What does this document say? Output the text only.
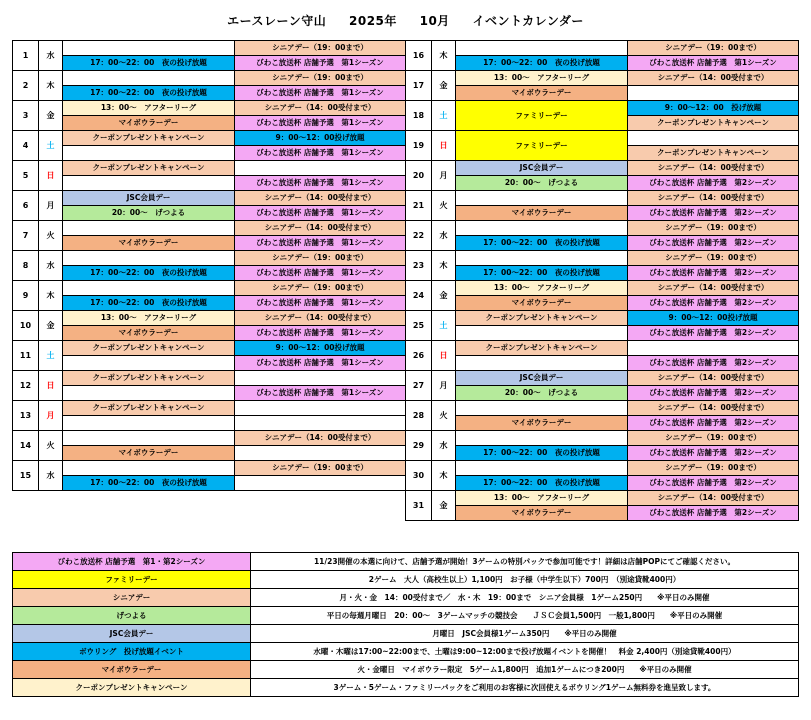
エースレーン守山 2025年 10月 イベントカレンダー
1	水		シニアデー（19：00まで）
		17：00～22：00　夜の投げ放題	びわこ放送杯 店舗予選　第1シーズン
2	木		シニアデー（19：00まで）
		17：00～22：00　夜の投げ放題	びわこ放送杯 店舗予選　第1シーズン
3	金	13：00～　アフターリーグ	シニアデー（14：00受付まで）
		マイボウラーデー	びわこ放送杯 店舗予選　第1シーズン
4	土	クーポンプレゼントキャンペーン	9：00～12：00投げ放題
			びわこ放送杯 店舗予選　第1シーズン
5	日	クーポンプレゼントキャンペーン	
			びわこ放送杯 店舗予選　第1シーズン
6	月	JSC会員デー	シニアデー（14：00受付まで）
		20：00～　げつよる	びわこ放送杯 店舗予選　第1シーズン
7	火		シニアデー（14：00受付まで）
		マイボウラーデー	びわこ放送杯 店舗予選　第1シーズン
8	水		シニアデー（19：00まで）
		17：00～22：00　夜の投げ放題	びわこ放送杯 店舗予選　第1シーズン
9	木		シニアデー（19：00まで）
		17：00～22：00　夜の投げ放題	びわこ放送杯 店舗予選　第1シーズン
10	金	13：00～　アフターリーグ	シニアデー（14：00受付まで）
		マイボウラーデー	びわこ放送杯 店舗予選　第1シーズン
11	土	クーポンプレゼントキャンペーン	9：00～12：00投げ放題
			びわこ放送杯 店舗予選　第1シーズン
12	日	クーポンプレゼントキャンペーン	
			びわこ放送杯 店舗予選　第1シーズン
13	月	クーポンプレゼントキャンペーン	

14	火		シニアデー（14：00受付まで）
		マイボウラーデー	
15	水		シニアデー（19：00まで）
		17：00～22：00　夜の投げ放題	
16	木		シニアデー（19：00まで）
		17：00～22：00　夜の投げ放題	びわこ放送杯 店舗予選　第1シーズン
17	金	13：00～　アフターリーグ	シニアデー（14：00受付まで）
		マイボウラーデー	
18	土	ファミリーデー	9：00～12：00　投げ放題
			クーポンプレゼントキャンペーン
19	日	ファミリーデー	
			クーポンプレゼントキャンペーン
20	月	JSC会員デー	シニアデー（14：00受付まで）
		20：00～　げつよる	びわこ放送杯 店舗予選　第2シーズン
21	火		シニアデー（14：00受付まで）
		マイボウラーデー	びわこ放送杯 店舗予選　第2シーズン
22	水		シニアデー（19：00まで）
		17：00～22：00　夜の投げ放題	びわこ放送杯 店舗予選　第2シーズン
23	木		シニアデー（19：00まで）
		17：00～22：00　夜の投げ放題	びわこ放送杯 店舗予選　第2シーズン
24	金	13：00～　アフターリーグ	シニアデー（14：00受付まで）
		マイボウラーデー	びわこ放送杯 店舗予選　第2シーズン
25	土	クーポンプレゼントキャンペーン	9：00～12：00投げ放題
			びわこ放送杯 店舗予選　第2シーズン
26	日	クーポンプレゼントキャンペーン	
			びわこ放送杯 店舗予選　第2シーズン
27	月	JSC会員デー	シニアデー（14：00受付まで）
		20：00～　げつよる	びわこ放送杯 店舗予選　第2シーズン
28	火		シニアデー（14：00受付まで）
		マイボウラーデー	びわこ放送杯 店舗予選　第2シーズン
29	水		シニアデー（19：00まで）
		17：00～22：00　夜の投げ放題	びわこ放送杯 店舗予選　第2シーズン
30	木		シニアデー（19：00まで）
		17：00～22：00　夜の投げ放題	びわこ放送杯 店舗予選　第2シーズン
31	金	13：00～　アフターリーグ	シニアデー（14：00受付まで）
		マイボウラーデー	びわこ放送杯 店舗予選　第2シーズン
びわこ放送杯 店舗予選　第1・第2シーズン	11/23開催の本選に向けて、店舗予選が開始！3ゲームの特別パックで参加可能です！詳細は店舗POPにてご確認ください。
ファミリーデー	2ゲーム　大人（高校生以上）1,100円　お子様（中学生以下）700円　（別途貸靴400円）
シニアデー	月・火・金　14：00受付まで／　水・木　19：00まで　シニア会員様　1ゲーム250円　　※平日のみ開催
げつよる	平日の毎週月曜日　20：00～　3ゲームマッチの競技会　　ＪＳＣ会員1,500円　一般1,800円　　※平日のみ開催
JSC会員デー	月曜日　JSC会員様1ゲーム350円　　※平日のみ開催
ボウリング　投げ放題イベント	水曜・木曜は17:00~22:00まで、土曜は9:00~12:00まで投げ放題イベントを開催！　料金 2,400円（別途貸靴400円）
マイボウラーデー	火・金曜日　マイボウラー限定　5ゲーム1,800円　追加1ゲームにつき200円　　※平日のみ開催
クーポンプレゼントキャンペーン	3ゲーム・5ゲーム・ファミリーパックをご利用のお客様に次回使えるボウリング1ゲーム無料券を進呈致します。
